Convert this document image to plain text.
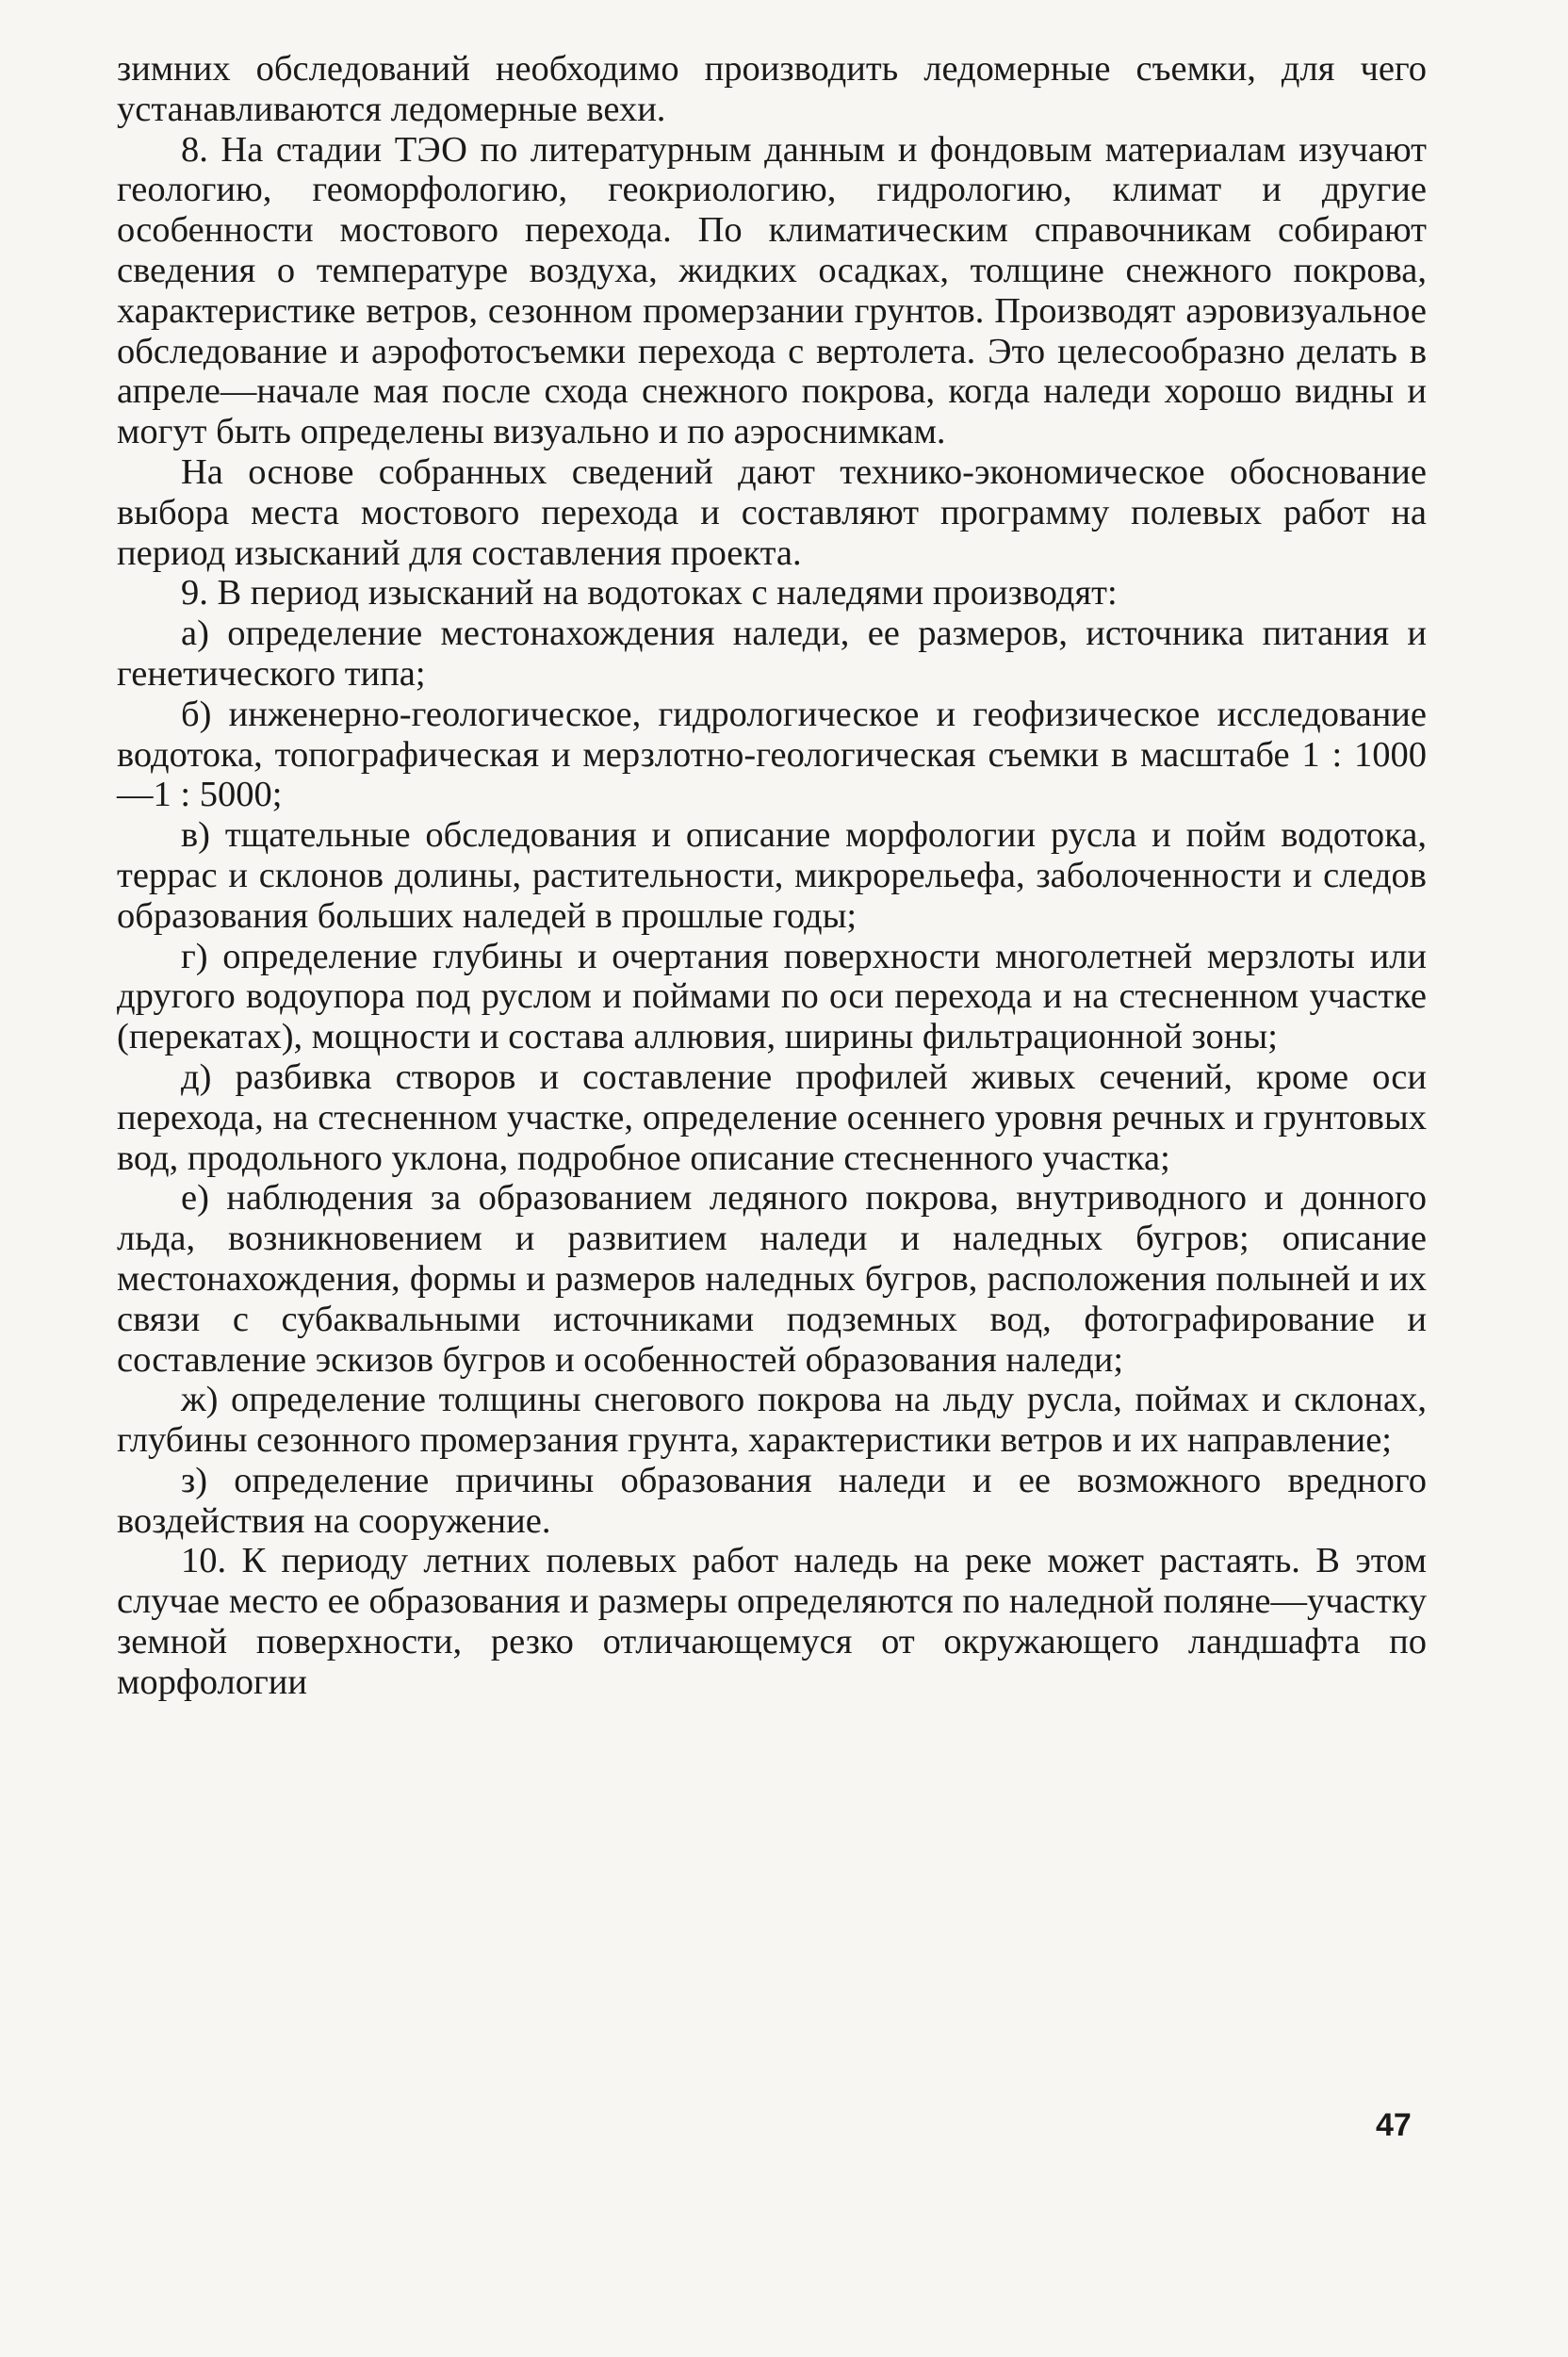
зимних обследований необходимо производить ледомерные съемки, для чего устанавливаются ледомерные вехи.

8. На стадии ТЭО по литературным данным и фондовым материалам изучают геологию, геоморфологию, геокриологию, гидрологию, климат и другие особенности мостового перехода. По климатическим справочникам собирают сведения о температуре воздуха, жидких осадках, толщине снежного покрова, характеристике ветров, сезонном промерзании грунтов. Производят аэровизуальное обследование и аэрофотосъемки перехода с вертолета. Это целесообразно делать в апреле—начале мая после схода снежного покрова, когда наледи хорошо видны и могут быть определены визуально и по аэроснимкам.

На основе собранных сведений дают технико-экономическое обоснование выбора места мостового перехода и составляют программу полевых работ на период изысканий для составления проекта.

9. В период изысканий на водотоках с наледями производят:

а) определение местонахождения наледи, ее размеров, источника питания и генетического типа;

б) инженерно-геологическое, гидрологическое и геофизическое исследование водотока, топографическая и мерзлотно-геологическая съемки в масштабе 1 : 1000—1 : 5000;

в) тщательные обследования и описание морфологии русла и пойм водотока, террас и склонов долины, растительности, микрорельефа, заболоченности и следов образования больших наледей в прошлые годы;

г) определение глубины и очертания поверхности многолетней мерзлоты или другого водоупора под руслом и поймами по оси перехода и на стесненном участке (перекатах), мощности и состава аллювия, ширины фильтрационной зоны;

д) разбивка створов и составление профилей живых сечений, кроме оси перехода, на стесненном участке, определение осеннего уровня речных и грунтовых вод, продольного уклона, подробное описание стесненного участка;

е) наблюдения за образованием ледяного покрова, внутриводного и донного льда, возникновением и развитием наледи и наледных бугров; описание местонахождения, формы и размеров наледных бугров, расположения полыней и их связи с субаквальными источниками подземных вод, фотографирование и составление эскизов бугров и особенностей образования наледи;

ж) определение толщины снегового покрова на льду русла, поймах и склонах, глубины сезонного промерзания грунта, характеристики ветров и их направление;

з) определение причины образования наледи и ее возможного вредного воздействия на сооружение.

10. К периоду летних полевых работ наледь на реке может растаять. В этом случае место ее образования и размеры определяются по наледной поляне—участку земной поверхности, резко отличающемуся от окружающего ландшафта по морфологии

47
